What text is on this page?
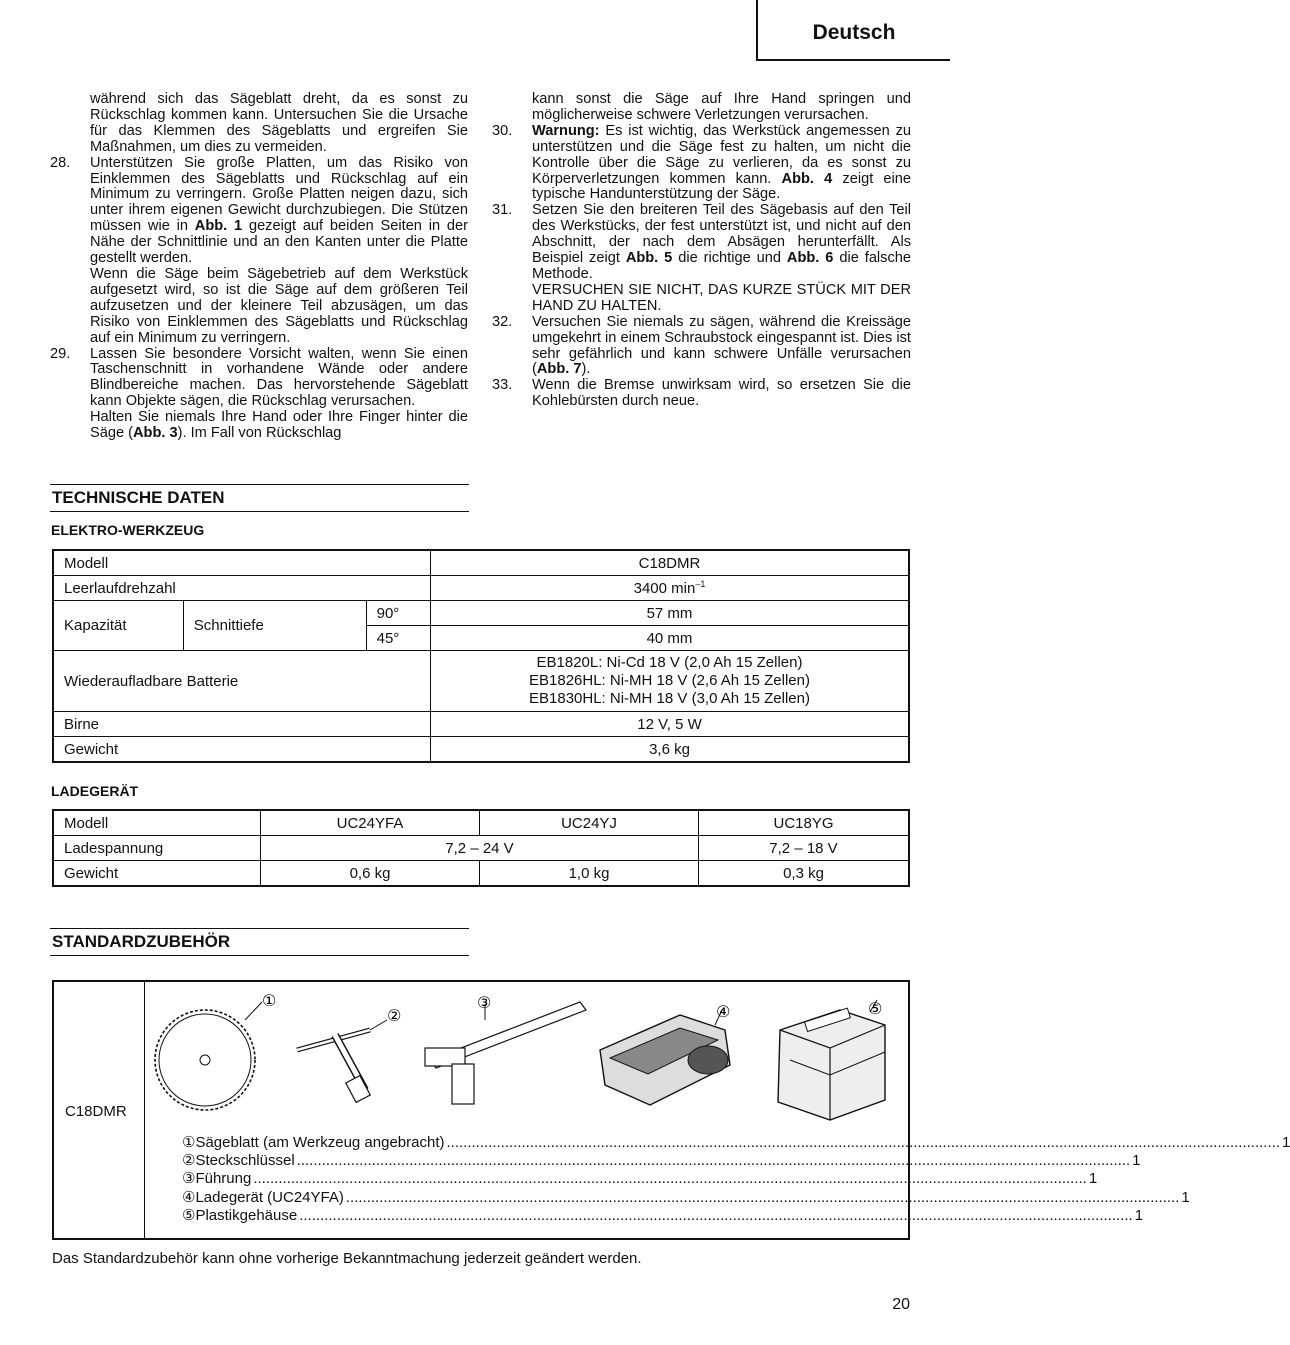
Deutsch
während sich das Sägeblatt dreht, da es sonst zu Rückschlag kommen kann. Untersuchen Sie die Ursache für das Klemmen des Sägeblatts und ergreifen Sie Maßnahmen, um dies zu vermeiden.
28. Unterstützen Sie große Platten, um das Risiko von Einklemmen des Sägeblatts und Rückschlag auf ein Minimum zu verringern. Große Platten neigen dazu, sich unter ihrem eigenen Gewicht durchzubiegen. Die Stützen müssen wie in Abb. 1 gezeigt auf beiden Seiten in der Nähe der Schnittlinie und an den Kanten unter die Platte gestellt werden.
Wenn die Säge beim Sägebetrieb auf dem Werkstück aufgesetzt wird, so ist die Säge auf dem größeren Teil aufzusetzen und der kleinere Teil abzusägen, um das Risiko von Einklemmen des Sägeblatts und Rückschlag auf ein Minimum zu verringern.
29. Lassen Sie besondere Vorsicht walten, wenn Sie einen Taschenschnitt in vorhandene Wände oder andere Blindbereiche machen. Das hervorstehende Sägeblatt kann Objekte sägen, die Rückschlag verursachen.
Halten Sie niemals Ihre Hand oder Ihre Finger hinter die Säge (Abb. 3). Im Fall von Rückschlag
kann sonst die Säge auf Ihre Hand springen und möglicherweise schwere Verletzungen verursachen.
30. Warnung: Es ist wichtig, das Werkstück angemessen zu unterstützen und die Säge fest zu halten, um nicht die Kontrolle über die Säge zu verlieren, da es sonst zu Körperverletzungen kommen kann. Abb. 4 zeigt eine typische Handunterstützung der Säge.
31. Setzen Sie den breiteren Teil des Sägebasis auf den Teil des Werkstücks, der fest unterstützt ist, und nicht auf den Abschnitt, der nach dem Absägen herunterfällt. Als Beispiel zeigt Abb. 5 die richtige und Abb. 6 die falsche Methode.
VERSUCHEN SIE NICHT, DAS KURZE STÜCK MIT DER HAND ZU HALTEN.
32. Versuchen Sie niemals zu sägen, während die Kreissäge umgekehrt in einem Schraubstock eingespannt ist. Dies ist sehr gefährlich und kann schwere Unfälle verursachen (Abb. 7).
33. Wenn die Bremse unwirksam wird, so ersetzen Sie die Kohlebürsten durch neue.
TECHNISCHE DATEN
ELEKTRO-WERKZEUG
Modell			C18DMR
Leerlaufdrehzahl			3400 $\min^{-1}$
Kapazität	Schnittiefe	90°	57 mm
		45°	40 mm
Wiederaufladbare Batterie			EB1820L: Ni-Cd 18 V (2,0 Ah 15 Zellen)
EB1826HL: Ni-MH 18 V (2,6 Ah 15 Zellen)
EB1830HL: Ni-MH 18 V (3,0 Ah 15 Zellen)

Birne			12 V, 5 W
Gewicht			3,6 kg
LADEGERÄT
Modell	UC24YFA	UC24YJ	UC18YG
Ladespannung	7,2 – 24 V		7,2 – 18 V
Gewicht	0,6 kg	1,0 kg	0,3 kg
STANDARDZUBEHÖR
C18DMR
① Sägeblatt (am Werkzeug angebracht) ........................................................................................................................................................................................................ 1
② Steckschlüssel ........................................................................................................................................................................................................ 1
③ Führung ........................................................................................................................................................................................................ 1
④ Ladegerät (UC24YFA) ........................................................................................................................................................................................................ 1
⑤ Plastikgehäuse ........................................................................................................................................................................................................ 1
①
②
③	④	⑤
Das Standardzubehör kann ohne vorherige Bekanntmachung jederzeit geändert werden.
20
